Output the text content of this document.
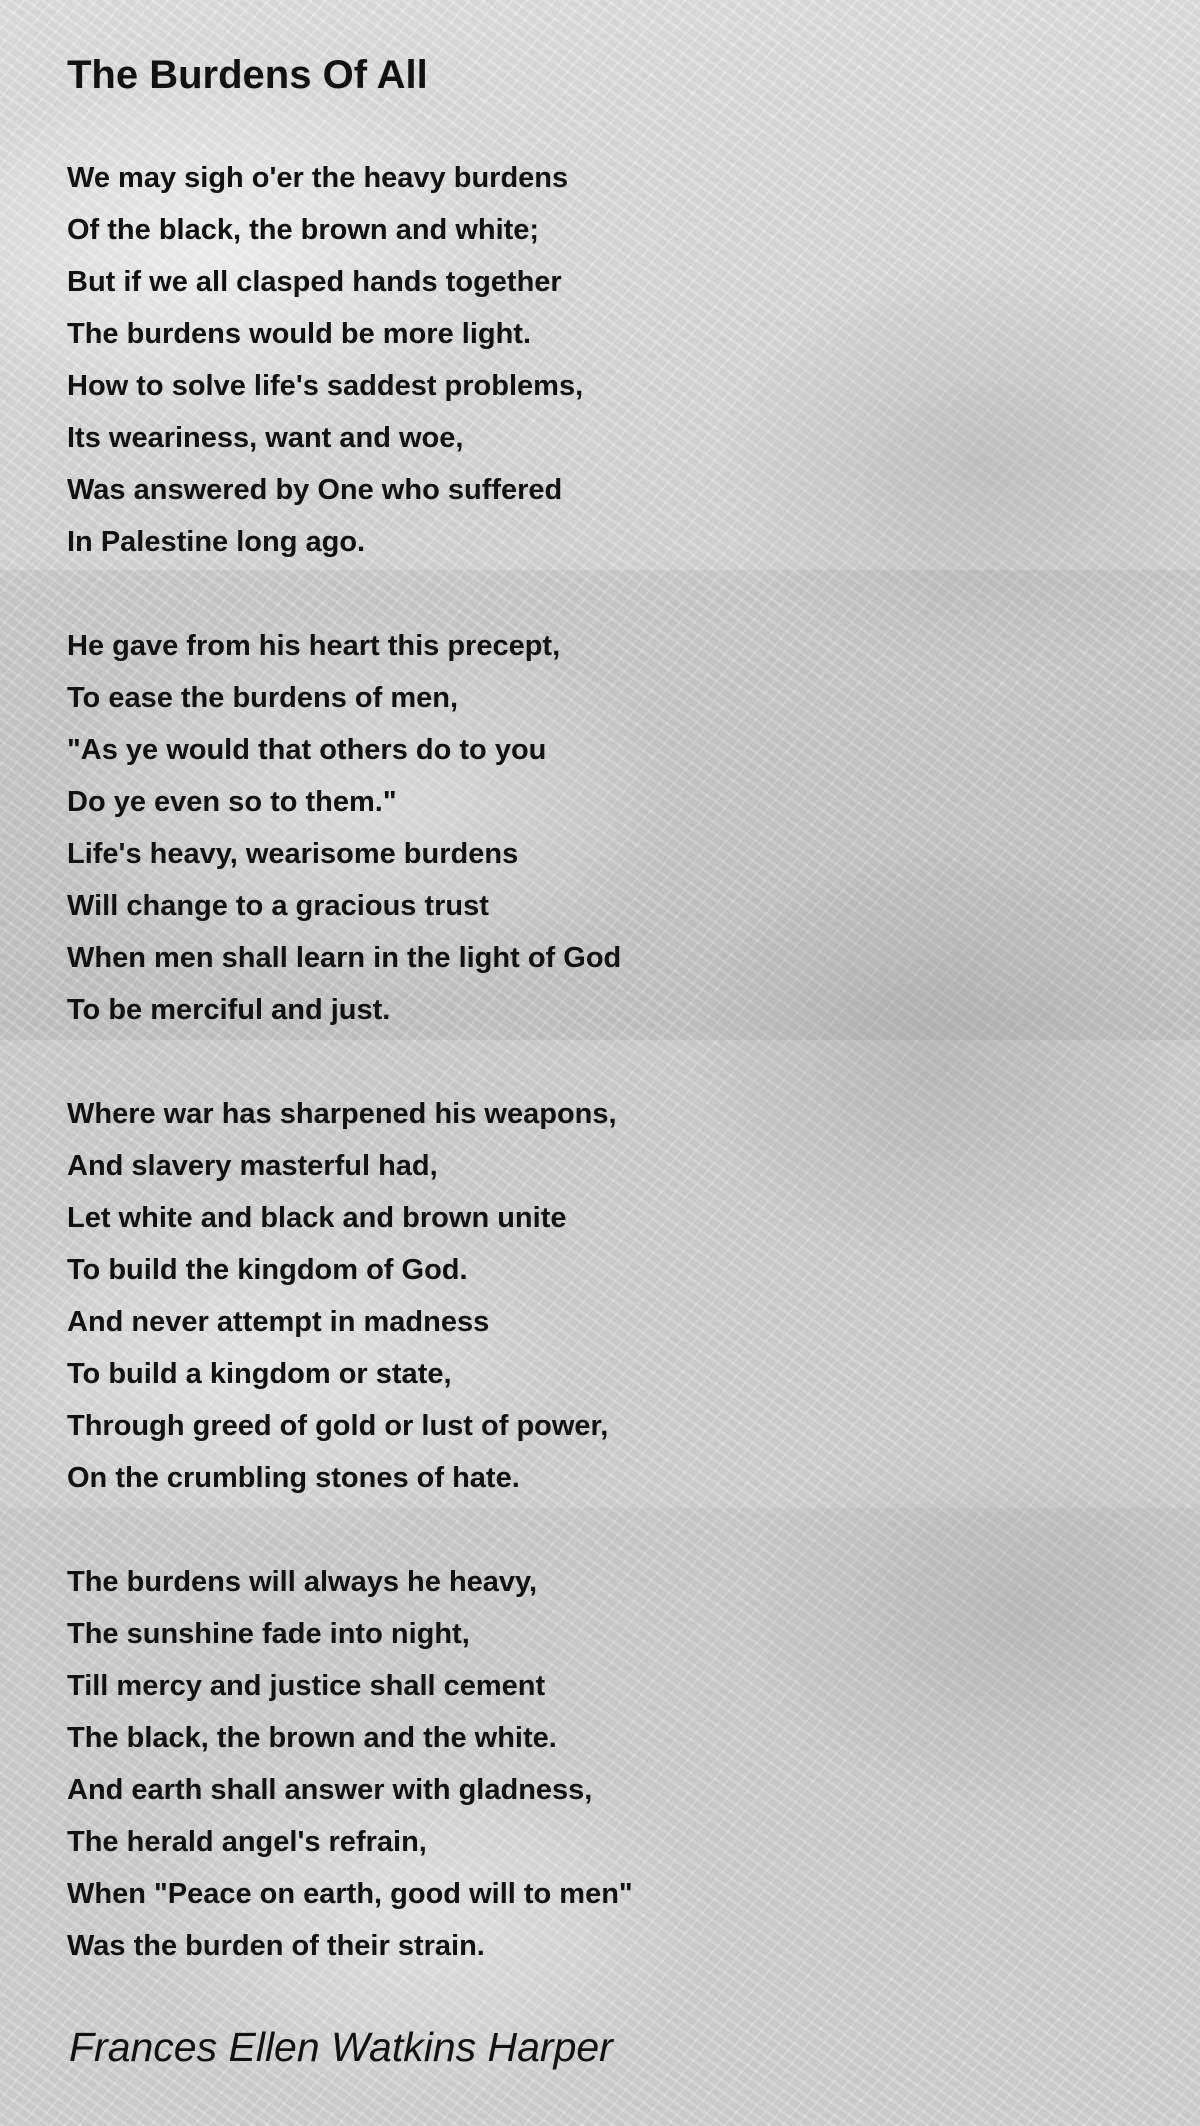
The Burdens Of All
We may sigh o'er the heavy burdens
Of the black, the brown and white;
But if we all clasped hands together
The burdens would be more light.
How to solve life's saddest problems,
Its weariness, want and woe,
Was answered by One who suffered
In Palestine long ago.
He gave from his heart this precept,
To ease the burdens of men,
"As ye would that others do to you
Do ye even so to them."
Life's heavy, wearisome burdens
Will change to a gracious trust
When men shall learn in the light of God
To be merciful and just.
Where war has sharpened his weapons,
And slavery masterful had,
Let white and black and brown unite
To build the kingdom of God.
And never attempt in madness
To build a kingdom or state,
Through greed of gold or lust of power,
On the crumbling stones of hate.
The burdens will always he heavy,
The sunshine fade into night,
Till mercy and justice shall cement
The black, the brown and the white.
And earth shall answer with gladness,
The herald angel's refrain,
When "Peace on earth, good will to men"
Was the burden of their strain.
Frances Ellen Watkins Harper
